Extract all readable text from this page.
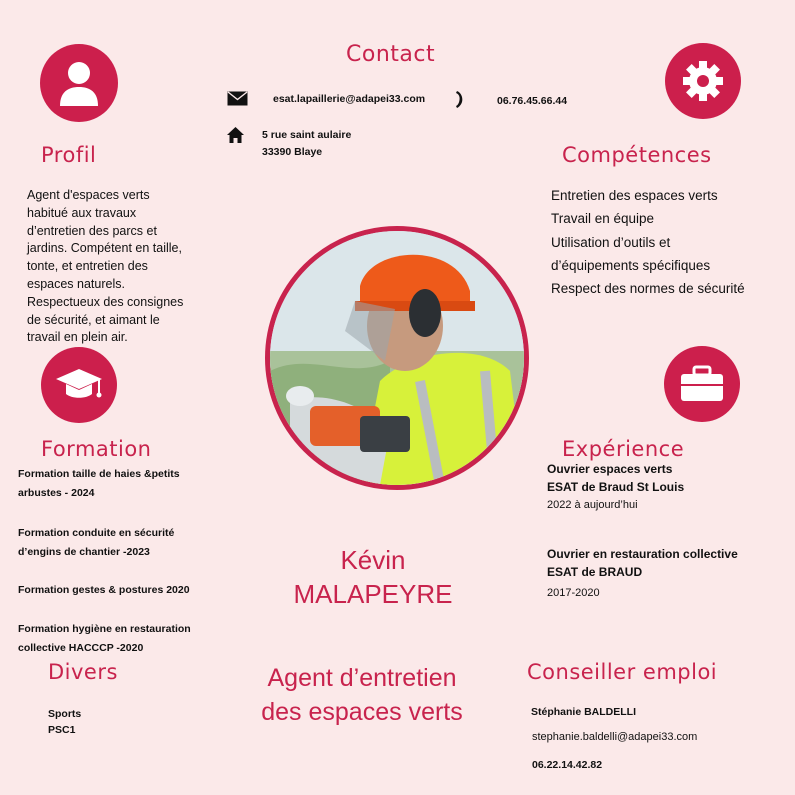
Contact
esat.lapaillerie@adapei33.com	06.76.45.66.44
5 rue saint aulaire
33390 Blaye
Profil
Agent d'espaces verts
habitué aux travaux
d’entretien des parcs et
jardins. Compétent en taille,
tonte, et entretien des
espaces naturels.
Respectueux des consignes
de sécurité, et aimant le
travail en plein air.
Compétences
Entretien des espaces verts
Travail en équipe
Utilisation d’outils et
d’équipements spécifiques
Respect des normes de sécurité
Formation
Formation taille de haies &petits
arbustes - 2024
Formation conduite en sécurité
d’engins de chantier -2023
Formation gestes & postures 2020
Formation hygiène en restauration
collective HACCCP -2020
Expérience
Ouvrier espaces verts
ESAT de Braud St Louis
2022 à aujourd’hui
Ouvrier en restauration collective
ESAT de BRAUD
2017-2020
Kévin
MALAPEYRE
Agent d’entretien
des espaces verts
Divers
Sports
PSC1
Conseiller emploi
Stéphanie BALDELLI
stephanie.baldelli@adapei33.com
06.22.14.42.82
